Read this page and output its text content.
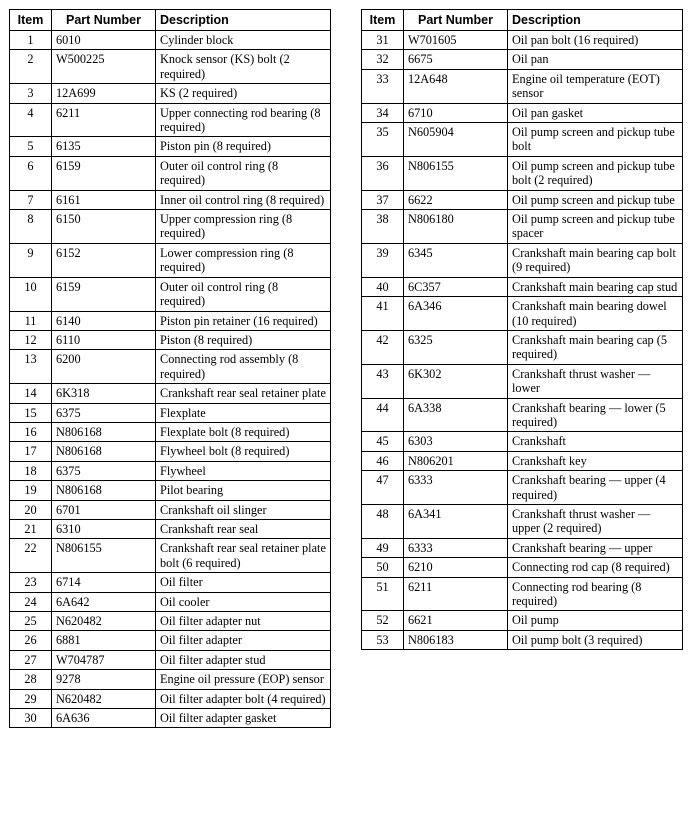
Item	Part Number	Description
1	6010	Cylinder block
2	W500225	Knock sensor (KS) bolt (2 required)
3	12A699	KS (2 required)
4	6211	Upper connecting rod bearing (8 required)
5	6135	Piston pin (8 required)
6	6159	Outer oil control ring (8 required)
7	6161	Inner oil control ring (8 required)
8	6150	Upper compression ring (8 required)
9	6152	Lower compression ring (8 required)
10	6159	Outer oil control ring (8 required)
11	6140	Piston pin retainer (16 required)
12	6110	Piston (8 required)
13	6200	Connecting rod assembly (8 required)
14	6K318	Crankshaft rear seal retainer plate
15	6375	Flexplate
16	N806168	Flexplate bolt (8 required)
17	N806168	Flywheel bolt (8 required)
18	6375	Flywheel
19	N806168	Pilot bearing
20	6701	Crankshaft oil slinger
21	6310	Crankshaft rear seal
22	N806155	Crankshaft rear seal retainer plate bolt (6 required)
23	6714	Oil filter
24	6A642	Oil cooler
25	N620482	Oil filter adapter nut
26	6881	Oil filter adapter
27	W704787	Oil filter adapter stud
28	9278	Engine oil pressure (EOP) sensor
29	N620482	Oil filter adapter bolt (4 required)
30	6A636	Oil filter adapter gasket
Item	Part Number	Description
31	W701605	Oil pan bolt (16 required)
32	6675	Oil pan
33	12A648	Engine oil temperature (EOT) sensor
34	6710	Oil pan gasket
35	N605904	Oil pump screen and pickup tube bolt
36	N806155	Oil pump screen and pickup tube bolt (2 required)
37	6622	Oil pump screen and pickup tube
38	N806180	Oil pump screen and pickup tube spacer
39	6345	Crankshaft main bearing cap bolt (9 required)
40	6C357	Crankshaft main bearing cap stud
41	6A346	Crankshaft main bearing dowel (10 required)
42	6325	Crankshaft main bearing cap (5 required)
43	6K302	Crankshaft thrust washer — lower
44	6A338	Crankshaft bearing — lower (5 required)
45	6303	Crankshaft
46	N806201	Crankshaft key
47	6333	Crankshaft bearing — upper (4 required)
48	6A341	Crankshaft thrust washer — upper (2 required)
49	6333	Crankshaft bearing — upper
50	6210	Connecting rod cap (8 required)
51	6211	Connecting rod bearing (8 required)
52	6621	Oil pump
53	N806183	Oil pump bolt (3 required)
